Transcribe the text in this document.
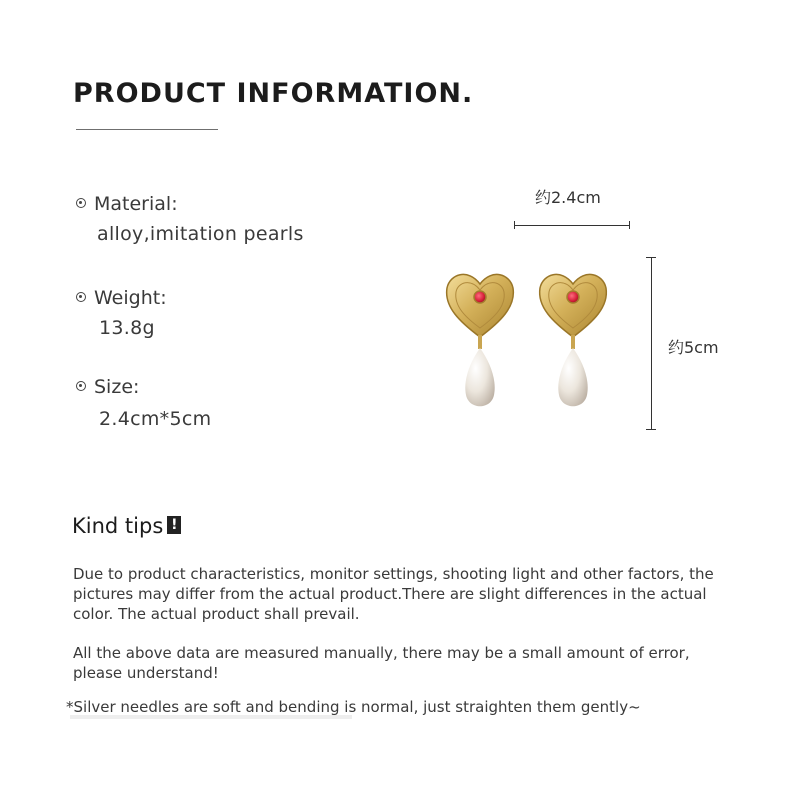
PRODUCT INFORMATION.
Material:
alloy,imitation pearls
Weight:
13.8g
Size:
2.4cm*5cm
约2.4cm
约5cm
Kind tips !
Due to product characteristics, monitor settings, shooting light and other factors, the pictures may differ from the actual product.There are slight differences in the actual color. The actual product shall prevail.
All the above data are measured manually, there may be a small amount of error, please understand!
*Silver needles are soft and bending is normal, just straighten them gently~
